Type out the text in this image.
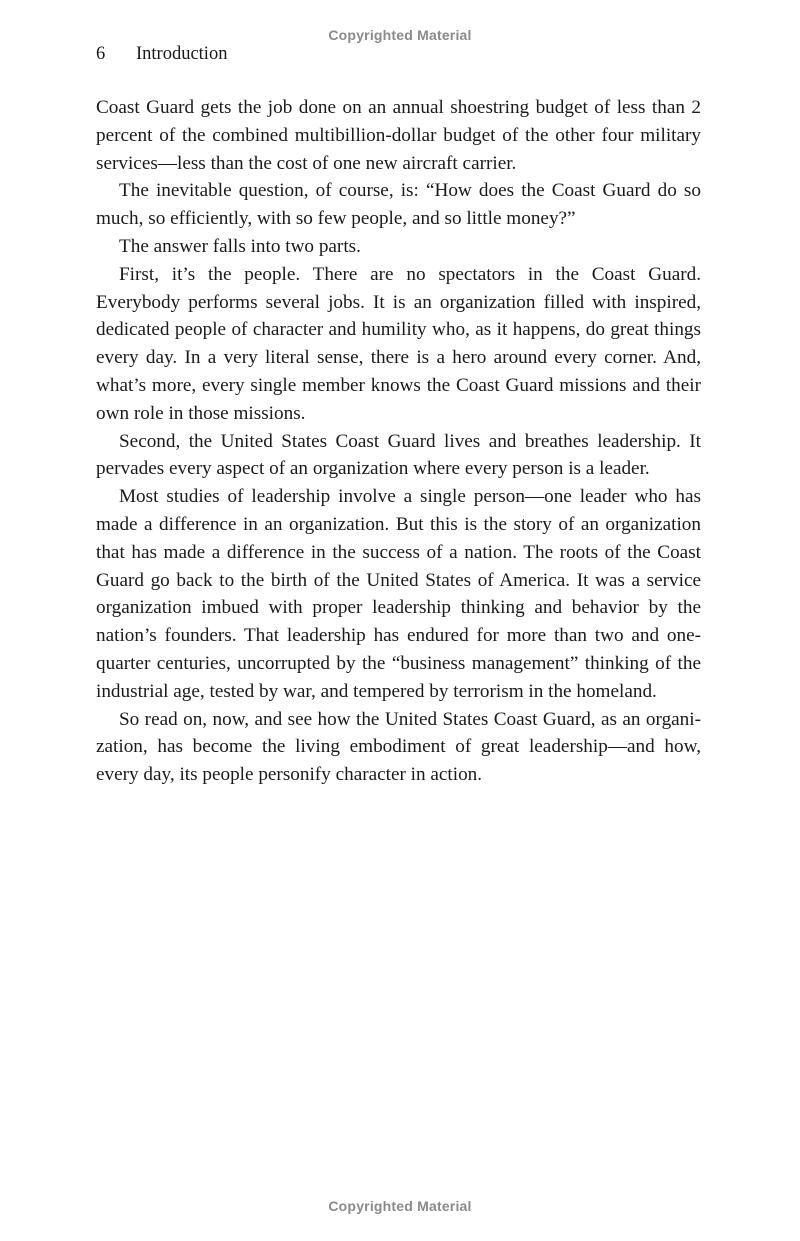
Copyrighted Material
6 Introduction

Coast Guard gets the job done on an annual shoestring budget of less than 2 percent of the combined multibillion-dollar budget of the other four military services—less than the cost of one new aircraft carrier.

The inevitable question, of course, is: “How does the Coast Guard do so much, so efficiently, with so few people, and so little money?”

The answer falls into two parts.

First, it’s the people. There are no spectators in the Coast Guard. Everybody performs several jobs. It is an organization filled with inspired, dedicated people of character and humility who, as it happens, do great things every day. In a very literal sense, there is a hero around every corner. And, what’s more, every single member knows the Coast Guard missions and their own role in those missions.

Second, the United States Coast Guard lives and breathes leadership. It pervades every aspect of an organization where every person is a leader.

Most studies of leadership involve a single person—one leader who has made a difference in an organization. But this is the story of an organization that has made a difference in the success of a nation. The roots of the Coast Guard go back to the birth of the United States of America. It was a service organization imbued with proper leadership thinking and behavior by the nation’s founders. That leadership has endured for more than two and one-quarter centuries, uncorrupted by the “business management” thinking of the industrial age, tested by war, and tempered by terrorism in the homeland.

So read on, now, and see how the United States Coast Guard, as an organization, has become the living embodiment of great leadership—and how, every day, its people personify character in action.

Copyrighted Material
